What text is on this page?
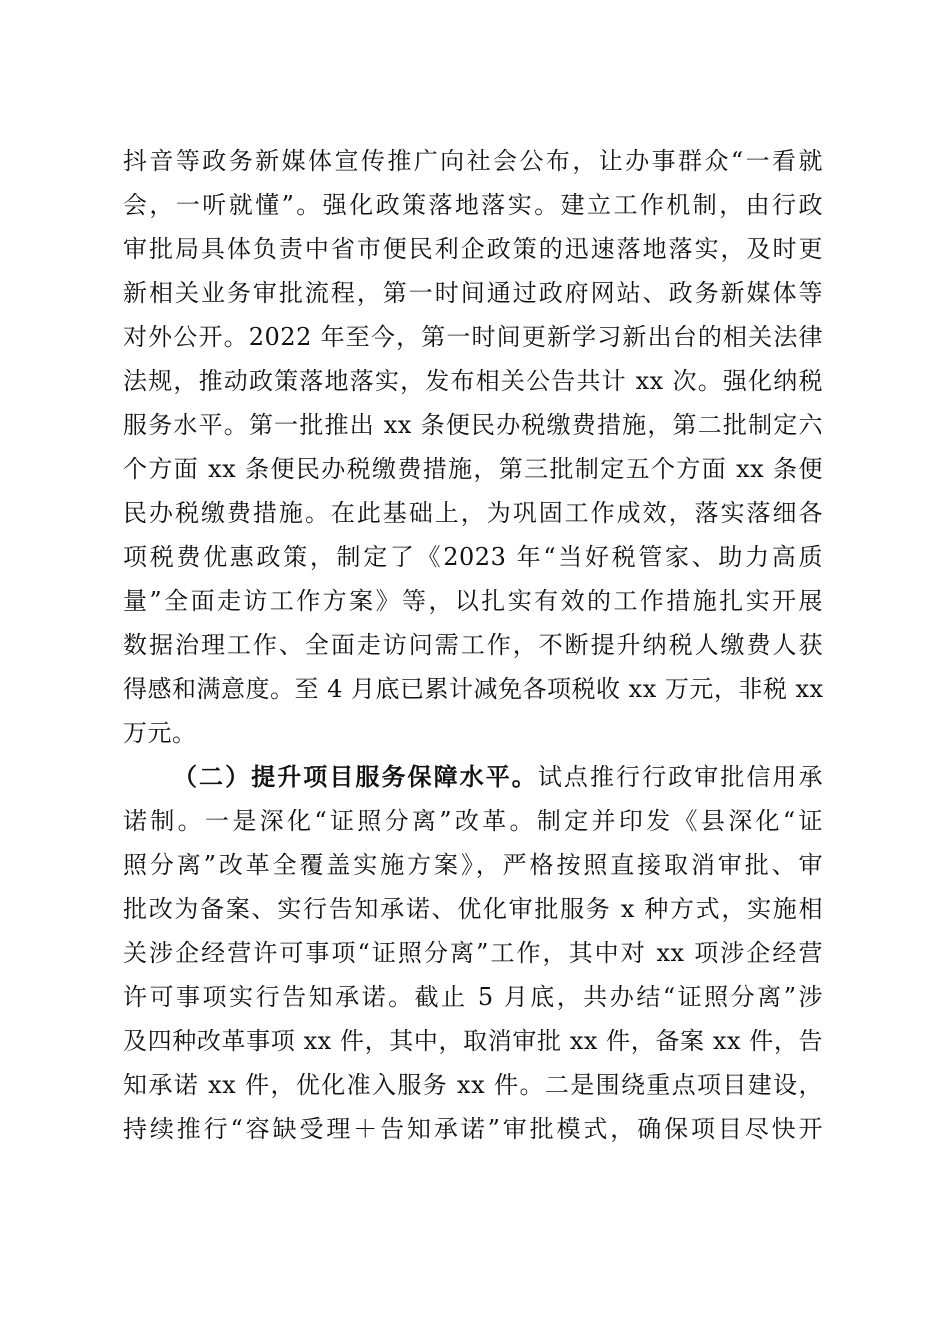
抖音等政务新媒体宣传推广向社会公布，让办事群众“一看就
会，一听就懂”。强化政策落地落实。建立工作机制，由行政
审批局具体负责中省市便民利企政策的迅速落地落实，及时更
新相关业务审批流程，第一时间通过政府网站、政务新媒体等
对外公开。2022 年至今，第一时间更新学习新出台的相关法律
法规，推动政策落地落实，发布相关公告共计 xx 次。强化纳税
服务水平。第一批推出 xx 条便民办税缴费措施，第二批制定六
个方面 xx 条便民办税缴费措施，第三批制定五个方面 xx 条便
民办税缴费措施。在此基础上，为巩固工作成效，落实落细各
项税费优惠政策，制定了《2023 年“当好税管家、助力高质
量”全面走访工作方案》等，以扎实有效的工作措施扎实开展
数据治理工作、全面走访问需工作，不断提升纳税人缴费人获
得感和满意度。至 4 月底已累计减免各项税收 xx 万元，非税 xx
万元。
（二）提升项目服务保障水平。试点推行行政审批信用承
诺制。一是深化“证照分离”改革。制定并印发《县深化“证
照分离”改革全覆盖实施方案》，严格按照直接取消审批、审
批改为备案、实行告知承诺、优化审批服务 x 种方式，实施相
关涉企经营许可事项“证照分离”工作，其中对 xx 项涉企经营
许可事项实行告知承诺。截止 5 月底，共办结“证照分离”涉
及四种改革事项 xx 件，其中，取消审批 xx 件，备案 xx 件，告
知承诺 xx 件，优化准入服务 xx 件。二是围绕重点项目建设，
持续推行“容缺受理＋告知承诺”审批模式，确保项目尽快开
